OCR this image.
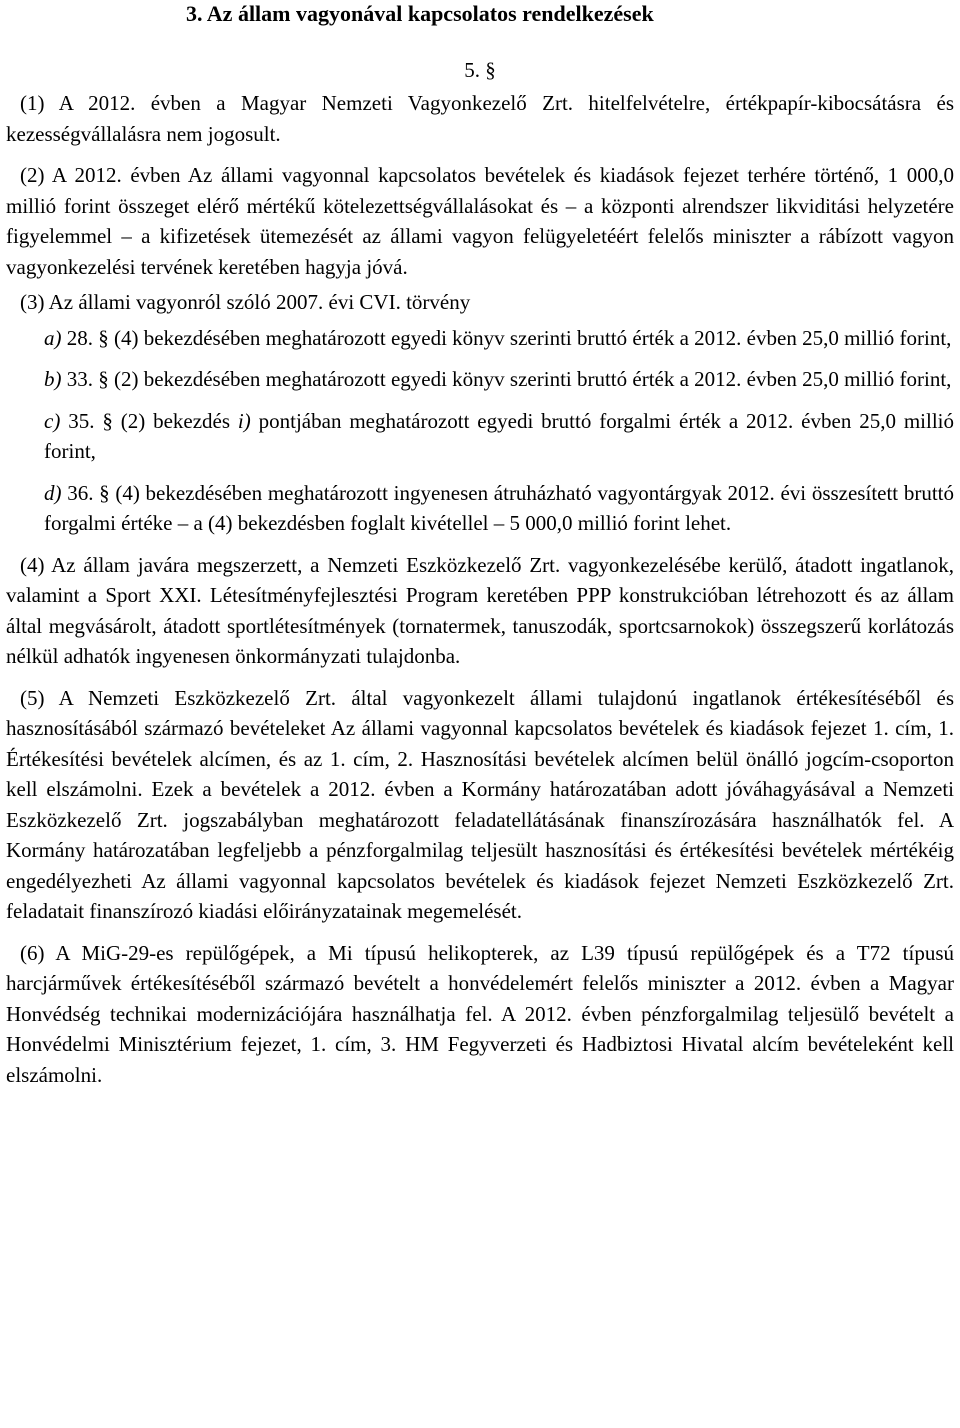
3. Az állam vagyonával kapcsolatos rendelkezések
5. §

(1) A 2012. évben a Magyar Nemzeti Vagyonkezelő Zrt. hitelfelvételre, értékpapír-kibocsátásra és kezességvállalásra nem jogosult.

(2) A 2012. évben Az állami vagyonnal kapcsolatos bevételek és kiadások fejezet terhére történő, 1 000,0 millió forint összeget elérő mértékű kötelezettségvállalásokat és – a központi alrendszer likviditási helyzetére figyelemmel – a kifizetések ütemezését az állami vagyon felügyeletéért felelős miniszter a rábízott vagyon vagyonkezelési tervének keretében hagyja jóvá.

(3) Az állami vagyonról szóló 2007. évi CVI. törvény

a) 28. § (4) bekezdésében meghatározott egyedi könyv szerinti bruttó érték a 2012. évben 25,0 millió forint,

b) 33. § (2) bekezdésében meghatározott egyedi könyv szerinti bruttó érték a 2012. évben 25,0 millió forint,

c) 35. § (2) bekezdés i) pontjában meghatározott egyedi bruttó forgalmi érték a 2012. évben 25,0 millió forint,

d) 36. § (4) bekezdésében meghatározott ingyenesen átruházható vagyontárgyak 2012. évi összesített bruttó forgalmi értéke – a (4) bekezdésben foglalt kivétellel – 5 000,0 millió forint lehet.

(4) Az állam javára megszerzett, a Nemzeti Eszközkezelő Zrt. vagyonkezelésébe kerülő, átadott ingatlanok, valamint a Sport XXI. Létesítményfejlesztési Program keretében PPP konstrukcióban létrehozott és az állam által megvásárolt, átadott sportlétesítmények (tornatermek, tanuszodák, sportcsarnokok) összegszerű korlátozás nélkül adhatók ingyenesen önkormányzati tulajdonba.

(5) A Nemzeti Eszközkezelő Zrt. által vagyonkezelt állami tulajdonú ingatlanok értékesítéséből és hasznosításából származó bevételeket Az állami vagyonnal kapcsolatos bevételek és kiadások fejezet 1. cím, 1. Értékesítési bevételek alcímen, és az 1. cím, 2. Hasznosítási bevételek alcímen belül önálló jogcím-csoporton kell elszámolni. Ezek a bevételek a 2012. évben a Kormány határozatában adott jóváhagyásával a Nemzeti Eszközkezelő Zrt. jogszabályban meghatározott feladatellátásának finanszírozására használhatók fel. A Kormány határozatában legfeljebb a pénzforgalmilag teljesült hasznosítási és értékesítési bevételek mértékéig engedélyezheti Az állami vagyonnal kapcsolatos bevételek és kiadások fejezet Nemzeti Eszközkezelő Zrt. feladatait finanszírozó kiadási előirányzatainak megemelését.

(6) A MiG-29-es repülőgépek, a Mi típusú helikopterek, az L39 típusú repülőgépek és a T72 típusú harcjárművek értékesítéséből származó bevételt a honvédelemért felelős miniszter a 2012. évben a Magyar Honvédség technikai modernizációjára használhatja fel. A 2012. évben pénzforgalmilag teljesülő bevételt a Honvédelmi Minisztérium fejezet, 1. cím, 3. HM Fegyverzeti és Hadbiztosi Hivatal alcím bevételeként kell elszámolni.
